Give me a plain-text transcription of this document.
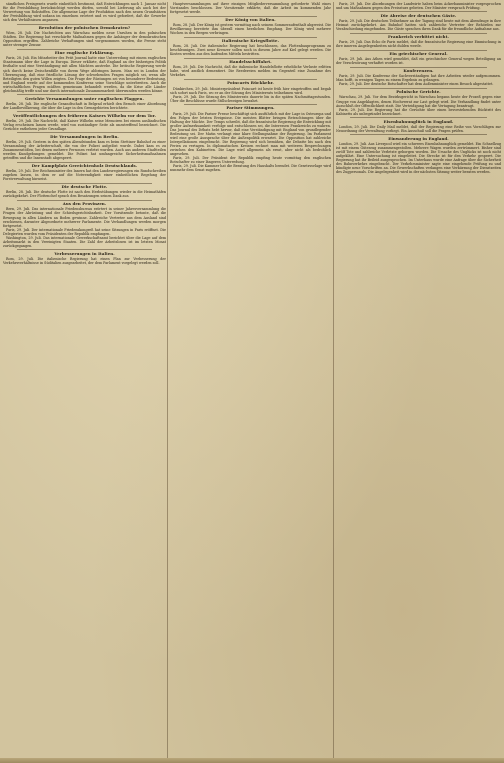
sämtlichen Preisgesetz wurde einheitlich bestimmt, daß Entwicklungen nach 1. Januar nicht für die Preisbildung berücksichtigt werden dürfen, sowohl bei Lieferung als auch bei der Verwertung von Rohstoffen. Die allgemeine Lage der Produktion nach den neuen Grundsätzen der Preisbildung wird sodann im einzelnen erörtert und es wird gefordert, daß die Gewerbe sich den Verhältnissen anpassen.

Revolution der polnischen Demokraten?

Wien, 28. Juli. Die Nachrichten aus Warschau melden neue Unruhen in den polnischen Städten. Die Regierung hat verschärfte Maßnahmen gegen die Anhänger der demokratischen Opposition ergriffen. Zahlreiche Verhaftungen sind vorgenommen worden, die Presse steht unter strenger Zensur.

Eine englische Erklärung.

Paris, 28. Juli. Ein Mitarbeiter des Petit Journal hatte eine Unterredung mit einem englischen Staatsmann über die Lage in Europa. Dieser erklärte, daß England an der bisherigen Politik festhalte und eine Verständigung mit allen Mächten anstrebe. Die britische Regierung werde sich durch keine Zwischenfälle von ihrem Wege abbringen lassen. Man sei in London der Überzeugung, daß eine friedliche Lösung der schwebenden Fragen möglich sei, wenn alle Beteiligten den guten Willen zeigten. Die Frage der Rüstungen sei von besonderer Bedeutung, und England werde auf der kommenden Konferenz seine Vorschläge unterbreiten. Auch die wirtschaftlichen Fragen müßten gemeinsam behandelt werden, da die Krise alle Länder gleichmäßig treffe und nur durch internationale Zusammenarbeit überwunden werden könne.

Gerichte Versammlungen unter englischen Flaggen.

Berlin, 28. Juli. Die englische Gesandtschaft in Belgrad erhielt den Besuch einer Abordnung der Landbevölkerung, die über die Lage in den Grenzgebieten berichtete.

Veröffentlichungen des früheren Kaisers Wilhelm vor dem Tor.

Berlin, 29. Juli. Die Nachricht, daß Kaiser Wilhelm seine Memoiren bei einem ausländischen Verlag erscheinen lassen werde, wird von zuständiger Seite als unzutreffend bezeichnet. Die Gerüchte entbehren jeder Grundlage.

Die Versammlungen in Berlin.

Berlin, 29. Juli. Gestern in den späten Abendstunden kam es beim Stettiner Bahnhof zu einer Versammlung der Arbeiterschaft, die von der Polizei aufgelöst wurde. Dabei kam es zu Zusammenstößen, bei denen mehrere Personen verletzt wurden. Auch aus anderen Stadtteilen werden Kundgebungen gemeldet. Die Polizei hat umfangreiche Sicherheitsmaßnahmen getroffen und die Innenstadt abgesperrt.

Der Kampfplatz Gereichtenholz Deutschlands.

Berlin, 29. Juli. Der Reichsminister des Innern hat den Landesregierungen ein Rundschreiben zugehen lassen, in dem er auf die Notwendigkeit einer einheitlichen Regelung der Forstverwaltung hinweist.

Die deutsche Flotte.

Berlin, 28. Juli. Die deutsche Flotte ist nach den Herbstübungen wieder in die Heimathäfen zurückgekehrt. Der Flottenchef sprach den Besatzungen seinen Dank aus.

Aus den Provinzen.

Bern, 29. Juli. Das internationale Friedensbureau erörtert in seiner Jahresversammlung die Fragen der Abrüstung und der Schiedsgerichtsbarkeit. Der Vorsitzende betonte, daß die Bewegung in allen Ländern an Boden gewinne. Zahlreiche Vertreter aus dem Ausland sind erschienen, darunter Abgeordnete mehrerer Parlamente. Die Verhandlungen werden morgen fortgesetzt.

Paris, 29. Juli. Der internationale Friedenskongreß hat seine Sitzungen in Paris eröffnet. Die Delegierten wurden vom Präsidenten der Republik empfangen.

Washington, 29. Juli. Das internationale Gewerkschaftsamt berichtet über die Lage auf dem Arbeitsmarkt in den Vereinigten Staaten. Die Zahl der Arbeitslosen ist im letzten Monat zurückgegangen.

Verbesserungen in Italien.

Rom, 29. Juli. Die italienische Regierung hat einen Plan zur Verbesserung der Verkehrsverhältnisse in Süditalien ausgearbeitet, der dem Parlament vorgelegt werden soll.

Hauptversammlungen auf ihrer einzigen Mitgliederversammlung geforderte Wahl eines Vorstandes beschlossen. Der Vorsitzende erklärte, daß die Arbeit im kommenden Jahr fortgesetzt werde.

Der König von Italien.

Rom, 28. Juli. Der König ist gestern vormittag nach seinem Sommeraufenthalt abgereist. Die Bevölkerung bereitete ihm überall einen herzlichen Empfang. Der König wird mehrere Wochen in den Bergen verbringen.

Italienische Kriegsflotte.

Rom, 28. Juli. Die italienische Regierung hat beschlossen, das Flottenbauprogramm zu beschleunigen. Zwei neue Kreuzer sollen noch in diesem Jahre auf Kiel gelegt werden. Die Kosten werden aus den laufenden Mitteln bestritten.

Handelsschiffahrt.

Rom, 29. Juli. Die Nachricht, daß die italienische Handelsflotte erhebliche Verluste erlitten habe, wird amtlich dementiert. Die Reedereien melden im Gegenteil eine Zunahme des Verkehrs.

Poincarés Rückkehr.

Dünkirchen, 29. Juli. Ministerpräsident Poincaré ist heute früh hier eingetroffen und begab sich sofort nach Paris, wo er an der Sitzung des Ministerrats teilnehmen wird.

Paris, 29. Juli. Die Sitzung des Ministerrats dauerte bis in die späten Nachmittagsstunden. Über die Beschlüsse wurde Stillschweigen bewahrt.

Pariser Stimmungen.

Paris, 29. Juli. Die Pariser Presse beschäftigt sich ausführlich mit der Lage in Osteuropa und den Folgen der letzten Ereignisse. Die meisten Blätter bringen Betrachtungen über die Haltung der Mächte. Der Temps schreibt, daß die französische Regierung die Entwicklung mit großer Aufmerksamkeit verfolge und entschlossen sei, die Interessen Frankreichs zu wahren. Das Journal des Débats hebt hervor, daß eine Verständigung mit England von grundlegender Bedeutung sei. Der Matin verlangt eine klare Stellungnahme der Regierung. Im Parlament wird eine große Aussprache über die Außenpolitik erwartet. Die Opposition hat zahlreiche Interpellationen eingebracht. Die Regierung wird sich bemühen, die Debatte bis nach den Ferien zu vertagen. In diplomatischen Kreisen rechnet man mit weiteren Besprechungen zwischen den Kabinetten. Die Lage wird allgemein als ernst, aber nicht als bedrohlich angesehen.

Paris, 29. Juli. Der Präsident der Republik empfing heute vormittag den englischen Botschafter zu einer längeren Unterredung.

Paris, 29. Juli. Die Kammer hat die Beratung des Haushalts beendet. Die Gesetzvorlage wird nunmehr dem Senat zugehen.

Paris, 29. Juli. Die Abordnungen der Landwirte haben beim Ackerbauminister vorgesprochen und um Maßnahmen gegen den Preissturz gebeten. Der Minister versprach Prüfung.

Die Abreise der deutschen Gäste.

Paris, 29. Juli. Die deutschen Teilnehmer an der Tagung sind heute mit dem Abendzuge in ihre Heimat zurückgekehrt. Am Bahnhof hatten sich zahlreiche Vertreter der Behörden zur Verabschiedung eingefunden. Die Gäste sprachen ihren Dank für die freundliche Aufnahme aus.

Frankreich verbittet nicht.

Paris, 29. Juli. Das Echo de Paris meldet, daß die französische Regierung eine Einmischung in ihre inneren Angelegenheiten nicht dulden werde.

Ein griechischer General.

Paris, 29. Juli. Aus Athen wird gemeldet, daß ein griechischer General wegen Beteiligung an der Verschwörung verhaftet worden ist.

Konferenzen.

Paris, 29. Juli. Die Konferenz der Sachverständigen hat ihre Arbeiten wieder aufgenommen. Man hofft, in wenigen Tagen zu einem Ergebnis zu gelangen.

Paris, 29. Juli. Der deutsche Botschafter hat dem Außenminister einen Besuch abgestattet.

Polnische Gerichte.

Warschau, 29. Juli. Vor dem Bezirksgericht in Warschau begann heute der Prozeß gegen eine Gruppe von Angeklagten, denen Hochverrat zur Last gelegt wird. Die Verhandlung findet unter Ausschluß der Öffentlichkeit statt. Die Verteidigung hat die Vertagung beantragt.

Paris, 29. Juli. Die Regierung hat die Gerüchte über einen bevorstehenden Rücktritt des Kabinetts als unbegründet bezeichnet.

Eisenbahnunglück in England.

London, 29. Juli. Die Daily Mail meldet, daß der Regierung eine Reihe von Vorschlägen zur Neuordnung der Verwaltung vorliegt. Ein Ausschuß soll die Fragen prüfen.

Einwanderung in England.

London, 29. Juli. Aus Liverpool wird ein schweres Eisenbahnunglück gemeldet. Ein Schnellzug ist mit einem Güterzug zusammengestoßen. Mehrere Wagen wurden zertrümmert. Bisher sind zwölf Tote und zahlreiche Verletzte geborgen worden. Die Ursache des Unglücks ist noch nicht aufgeklärt. Eine Untersuchung ist eingeleitet. Die Strecke ist für den Verkehr gesperrt. Die Regierung hat ihr Beileid ausgesprochen. Im Unterhaus wurde eine Anfrage über die Sicherheit des Bahnverkehrs eingebracht. Der Verkehrsminister sagte eine eingehende Prüfung zu und kündigte neue Vorschriften an. Die Gewerkschaften verlangen eine Verkürzung der Dienstzeiten des Zugpersonals. Die Angelegenheit wird in der nächsten Sitzung weiter beraten werden.
